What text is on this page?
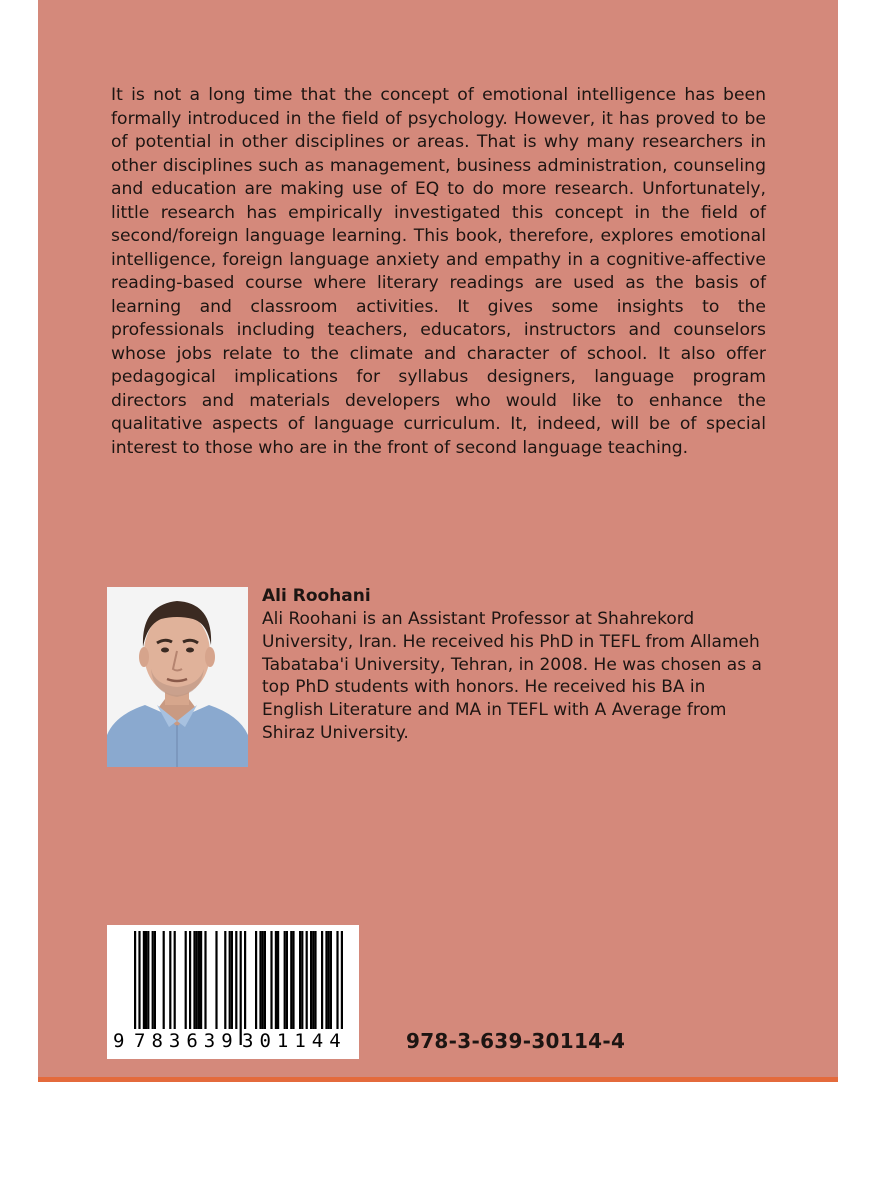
It is not a long time that the concept of emotional intelligence has been formally introduced in the field of psychology. However, it has proved to be of potential in other disciplines or areas. That is why many researchers in other disciplines such as management, business administration, counseling and education are making use of EQ to do more research. Unfortunately, little research has empirically investigated this concept in the field of second/foreign language learning. This book, therefore, explores emotional intelligence, foreign language anxiety and empathy in a cognitive-affective reading-based course where literary readings are used as the basis of learning and classroom activities. It gives some insights to the professionals including teachers, educators, instructors and counselors whose jobs relate to the climate and character of school. It also offer pedagogical implications for syllabus designers, language program directors and materials developers who would like to enhance the qualitative aspects of language curriculum. It, indeed, will be of special interest to those who are in the front of second language teaching.

Ali Roohani

Ali Roohani is an Assistant Professor at Shahrekord University, Iran. He received his PhD in TEFL from Allameh Tabataba'i University, Tehran, in 2008. He was chosen as a top PhD students with honors. He received his BA in English Literature and MA in TEFL with A Average from Shiraz University.

9 783639 301144	978-3-639-30114-4
